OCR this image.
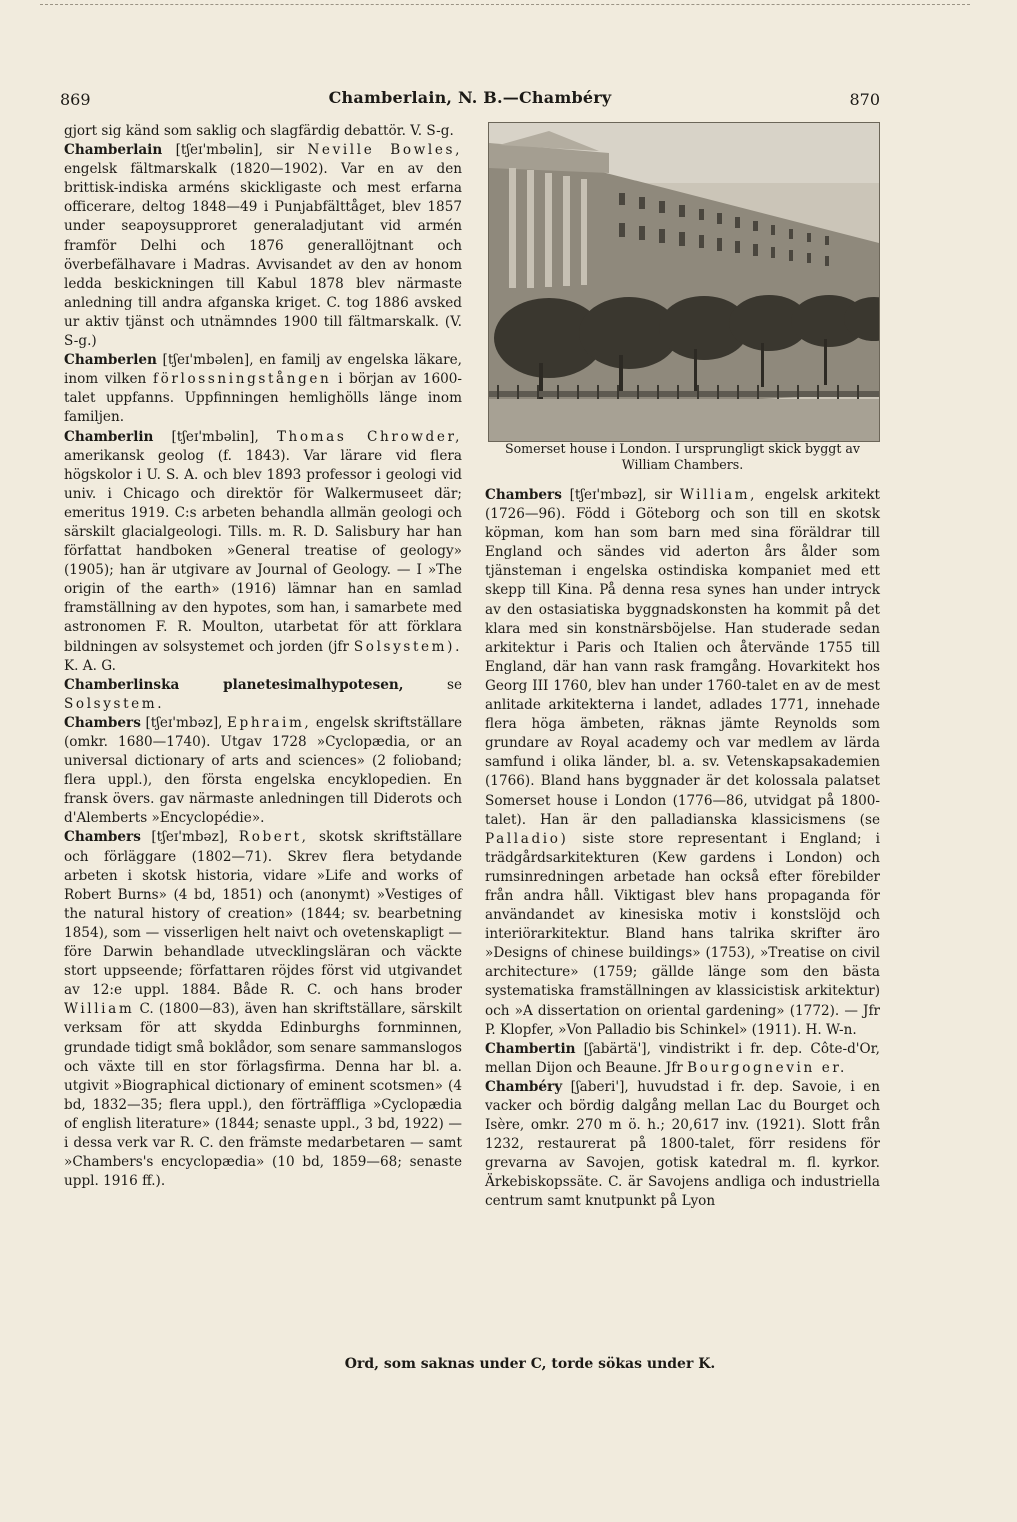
869	Chamberlain, N. B.—Chambéry	870

gjort sig känd som saklig och slagfärdig debattör. V. S-g.

Chamberlain [tʃeɪ'mbəlin], sir Neville Bowles, engelsk fältmarskalk (1820—1902). Var en av den brittisk-indiska arméns skickligaste och mest erfarna officerare, deltog 1848—49 i Punjabfälttåget, blev 1857 under seapoysupproret generaladjutant vid armén framför Delhi och 1876 generallöjtnant och överbefälhavare i Madras. Avvisandet av den av honom ledda beskickningen till Kabul 1878 blev närmaste anledning till andra afganska kriget. C. tog 1886 avsked ur aktiv tjänst och utnämndes 1900 till fältmarskalk. (V. S-g.)

Chamberlen [tʃeɪ'mbəlen], en familj av engelska läkare, inom vilken förlossningstången i början av 1600-talet uppfanns. Uppfinningen hemlighölls länge inom familjen.

Chamberlin [tʃeɪ'mbəlin], Thomas Chrowder, amerikansk geolog (f. 1843). Var lärare vid flera högskolor i U. S. A. och blev 1893 professor i geologi vid univ. i Chicago och direktör för Walkermuseet där; emeritus 1919. C:s arbeten behandla allmän geologi och särskilt glacialgeologi. Tills. m. R. D. Salisbury har han författat handboken »General treatise of geology» (1905); han är utgivare av Journal of Geology. — I »The origin of the earth» (1916) lämnar han en samlad framställning av den hypotes, som han, i samarbete med astronomen F. R. Moulton, utarbetat för att förklara bildningen av solsystemet och jorden (jfr Solsystem). K. A. G.

Chamberlinska planetesimalhypotesen,	se Solsystem.

Chambers [tʃeɪ'mbəz], Ephraim, engelsk skriftställare (omkr. 1680—1740). Utgav 1728 »Cyclopædia, or an universal dictionary of arts and sciences» (2 folioband; flera uppl.), den första engelska encyklopedien. En fransk övers. gav närmaste anledningen till Diderots och d'Alemberts »Encyclopédie».

Chambers [tʃeɪ'mbəz], Robert, skotsk skriftställare och förläggare (1802—71). Skrev flera betydande arbeten i skotsk historia, vidare »Life and works of Robert Burns» (4 bd, 1851) och (anonymt) »Vestiges of the natural history of creation» (1844; sv. bearbetning 1854), som — visserligen helt naivt och ovetenskapligt — före Darwin behandlade utvecklingsläran och väckte stort uppseende; författaren röjdes först vid utgivandet av 12:e uppl. 1884. Både R. C. och hans broder William C. (1800—83), även han skriftställare, särskilt verksam för att skydda Edinburghs fornminnen, grundade tidigt små boklådor, som senare sammanslogos och växte till en stor förlagsfirma. Denna har bl. a. utgivit »Biographical dictionary of eminent scotsmen» (4 bd, 1832—35; flera uppl.), den förträffliga »Cyclopædia of english literature» (1844; senaste uppl., 3 bd, 1922) — i dessa verk var R. C. den främste medarbetaren — samt »Chambers's encyclopædia» (10 bd, 1859—68; senaste uppl. 1916 ff.).

Somerset house i London. I ursprungligt skick byggt av William Chambers.

Chambers [tʃeɪ'mbəz], sir William, engelsk arkitekt (1726—96). Född i Göteborg och son till en skotsk köpman, kom han som barn med sina föräldrar till England och sändes vid aderton års ålder som tjänsteman i engelska ostindiska kompaniet med ett skepp till Kina. På denna resa synes han under intryck av den ostasiatiska byggnadskonsten ha kommit på det klara med sin konstnärsböjelse. Han studerade sedan arkitektur i Paris och Italien och återvände 1755 till England, där han vann rask framgång. Hovarkitekt hos Georg III 1760, blev han under 1760-talet en av de mest anlitade arkitekterna i landet, adlades 1771, innehade flera höga ämbeten, räknas jämte Reynolds som grundare av Royal academy och var medlem av lärda samfund i olika länder, bl. a. sv. Vetenskapsakademien (1766). Bland hans byggnader är det kolossala palatset Somerset house i London (1776—86, utvidgat på 1800-talet). Han är den palladianska klassicismens (se Palladio) siste store representant i England; i trädgårdsarkitekturen (Kew gardens i London) och rumsinredningen arbetade han också efter förebilder från andra håll. Viktigast blev hans propaganda för användandet av kinesiska motiv i konstslöjd och interiörarkitektur. Bland hans talrika skrifter äro »Designs of chinese buildings» (1753), »Treatise on civil architecture» (1759; gällde länge som den bästa systematiska framställningen av klassicistisk arkitektur) och »A dissertation on oriental gardening» (1772). — Jfr P. Klopfer, »Von Palladio bis Schinkel» (1911). H. W-n.

Chambertin [ʃabärtä'], vindistrikt i fr. dep. Côte-d'Or, mellan Dijon och Beaune. Jfr Bourgognevin er.

Chambéry [ʃaberi'], huvudstad i fr. dep. Savoie, i en vacker och bördig dalgång mellan Lac du Bourget och Isère, omkr. 270 m ö. h.; 20,617 inv. (1921). Slott från 1232, restaurerat på 1800-talet, förr residens för grevarna av Savojen, gotisk katedral m. fl. kyrkor. Ärkebiskopssäte. C. är Savojens andliga och industriella centrum samt knutpunkt på Lyon

Ord, som saknas under C, torde sökas under K.
